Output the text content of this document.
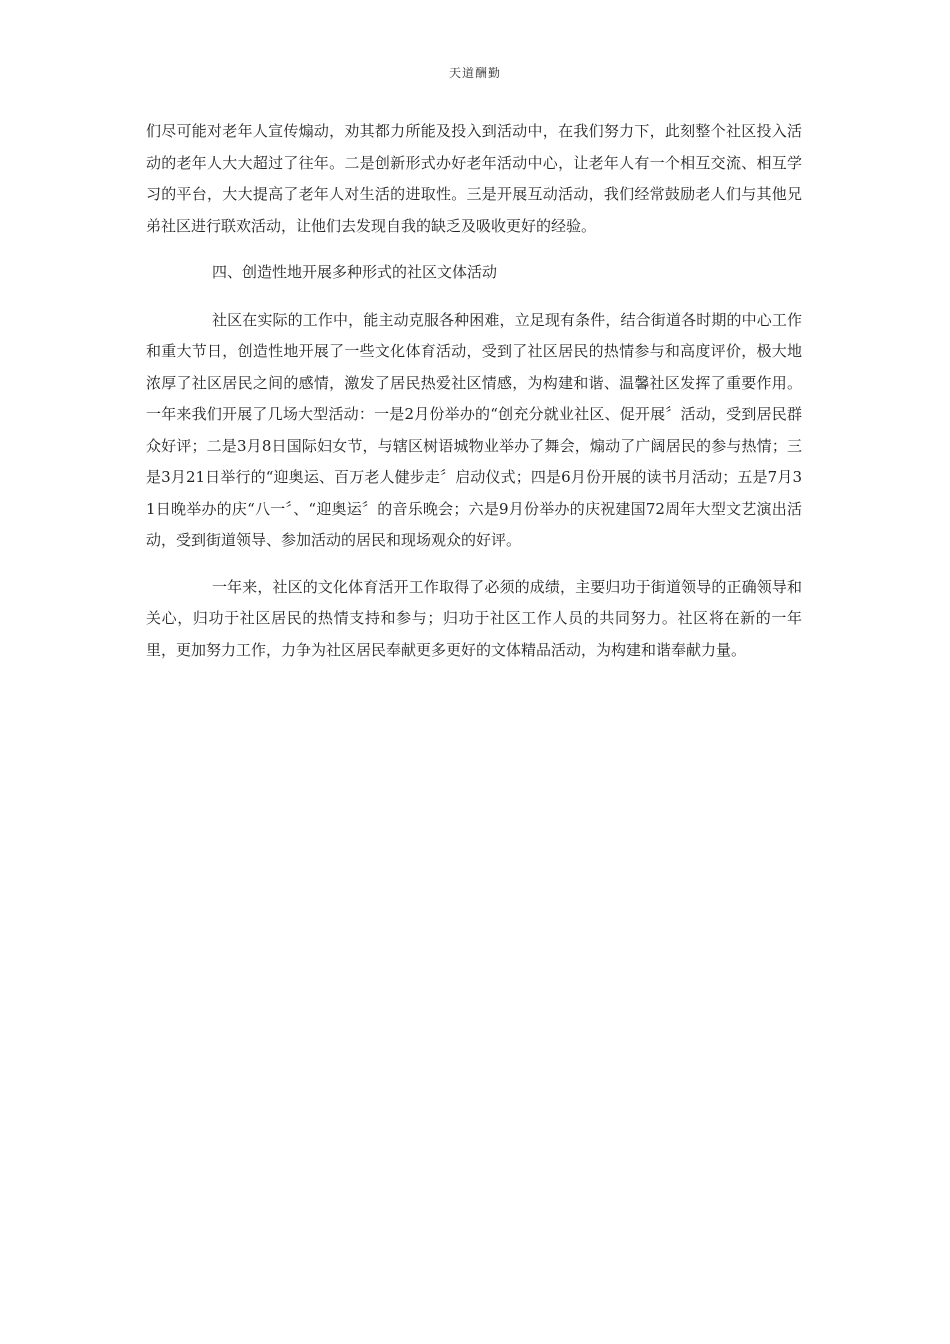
天道酬勤

们尽可能对老年人宣传煽动，劝其都力所能及投入到活动中，在我们努力下，此刻整个社区投入活动的老年人大大超过了往年。二是创新形式办好老年活动中心，让老年人有一个相互交流、相互学习的平台，大大提高了老年人对生活的进取性。三是开展互动活动，我们经常鼓励老人们与其他兄弟社区进行联欢活动，让他们去发现自我的缺乏及吸收更好的经验。

四、创造性地开展多种形式的社区文体活动

社区在实际的工作中，能主动克服各种困难，立足现有条件，结合街道各时期的中心工作和重大节日，创造性地开展了一些文化体育活动，受到了社区居民的热情参与和高度评价，极大地浓厚了社区居民之间的感情，激发了居民热爱社区情感，为构建和谐、温馨社区发挥了重要作用。一年来我们开展了几场大型活动：一是2月份举办的“创充分就业社区、促开展〞活动，受到居民群众好评；二是3月8日国际妇女节，与辖区树语城物业举办了舞会，煽动了广阔居民的参与热情；三是3月21日举行的“迎奥运、百万老人健步走〞启动仪式；四是6月份开展的读书月活动；五是7月31日晚举办的庆“八一〞、“迎奥运〞的音乐晚会；六是9月份举办的庆祝建国72周年大型文艺演出活动，受到街道领导、参加活动的居民和现场观众的好评。

一年来，社区的文化体育活开工作取得了必须的成绩，主要归功于街道领导的正确领导和关心，归功于社区居民的热情支持和参与；归功于社区工作人员的共同努力。社区将在新的一年里，更加努力工作，力争为社区居民奉献更多更好的文体精品活动，为构建和谐奉献力量。
